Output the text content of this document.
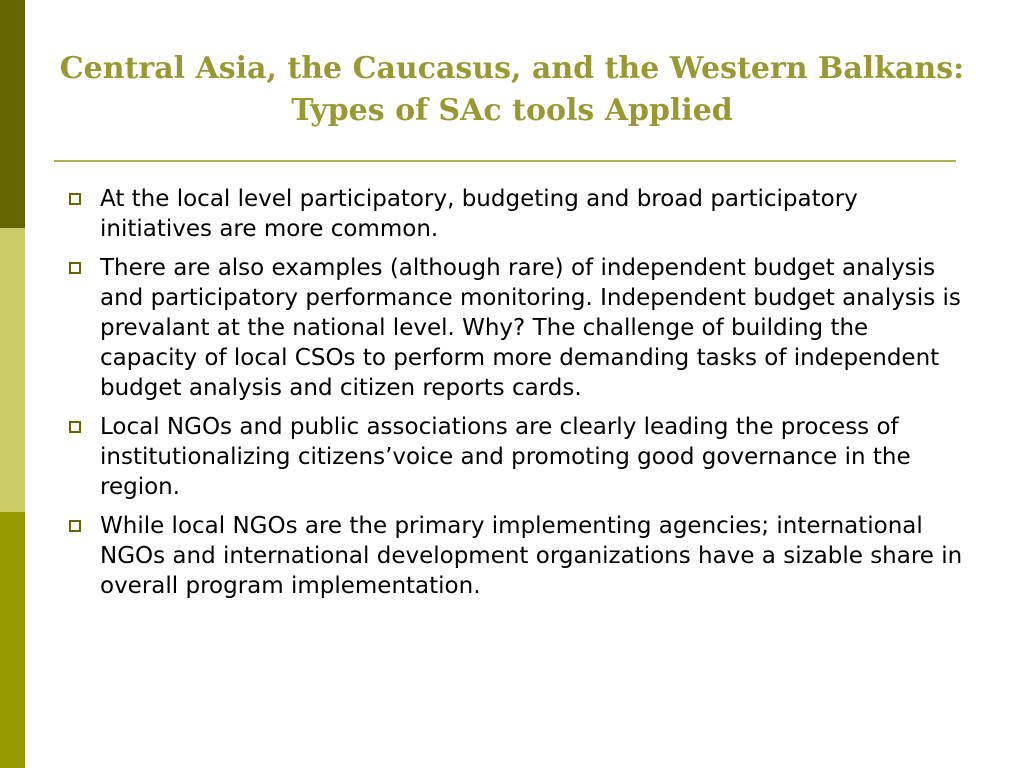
Central Asia, the Caucasus, and the Western Balkans:
Types of SAc tools Applied
At the local level participatory, budgeting and broad participatory initiatives are more common.
There are also examples (although rare) of independent budget analysis and participatory performance monitoring. Independent budget analysis is prevalant at the national level. Why? The challenge of building the capacity of local CSOs to perform more demanding tasks of independent budget analysis and citizen reports cards.
Local NGOs and public associations are clearly leading the process of institutionalizing citizens’voice and promoting good governance in the region.
While local NGOs are the primary implementing agencies; international NGOs and international development organizations have a sizable share in overall program implementation.
